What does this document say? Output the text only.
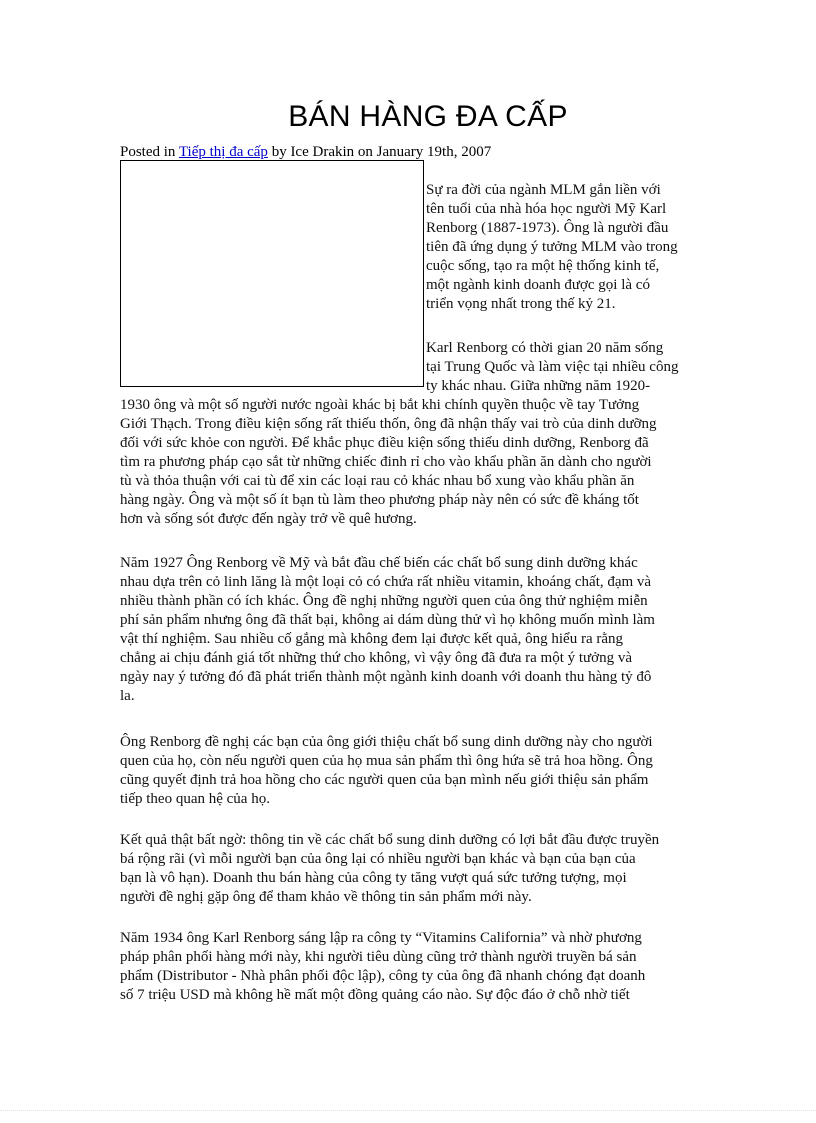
BÁN HÀNG ĐA CẤP
Posted in Tiếp thị đa cấp by Ice Drakin on January 19th, 2007
Sự ra đời của ngành MLM gắn liền với
tên tuổi của nhà hóa học người Mỹ Karl
Renborg (1887-1973). Ông là người đầu
tiên đã ứng dụng ý tưởng MLM vào trong
cuộc sống, tạo ra một hệ thống kinh tế,
một ngành kinh doanh được gọi là có
triển vọng nhất trong thế kỷ 21.
Karl Renborg có thời gian 20 năm sống
tại Trung Quốc và làm việc tại nhiều công
ty khác nhau. Giữa những năm 1920-
1930 ông và một số người nước ngoài khác bị bắt khi chính quyền thuộc về tay Tưởng
Giới Thạch. Trong điều kiện sống rất thiếu thốn, ông đã nhận thấy vai trò của dinh dưỡng
đối với sức khỏe con người. Để khắc phục điều kiện sống thiếu dinh dưỡng, Renborg đã
tìm ra phương pháp cạo sắt từ những chiếc đinh rỉ cho vào khẩu phần ăn dành cho người
tù và thỏa thuận với cai tù để xin các loại rau cỏ khác nhau bổ xung vào khẩu phần ăn
hàng ngày. Ông và một số ít bạn tù làm theo phương pháp này nên có sức đề kháng tốt
hơn và sống sót được đến ngày trở về quê hương.
Năm 1927 Ông Renborg về Mỹ và bắt đầu chế biến các chất bổ sung dinh dưỡng khác
nhau dựa trên cỏ linh lăng là một loại cỏ có chứa rất nhiều vitamin, khoáng chất, đạm và
nhiều thành phần có ích khác. Ông đề nghị những người quen của ông thử nghiệm miễn
phí sản phẩm nhưng ông đã thất bại, không ai dám dùng thử vì họ không muốn mình làm
vật thí nghiệm. Sau nhiều cố gắng mà không đem lại được kết quả, ông hiểu ra rằng
chẳng ai chịu đánh giá tốt những thứ cho không, vì vậy ông đã đưa ra một ý tưởng và
ngày nay ý tưởng đó đã phát triển thành một ngành kinh doanh với doanh thu hàng tỷ đô
la.
Ông Renborg đề nghị các bạn của ông giới thiệu chất bổ sung dinh dưỡng này cho người
quen của họ, còn nếu người quen của họ mua sản phẩm thì ông hứa sẽ trả hoa hồng. Ông
cũng quyết định trả hoa hồng cho các người quen của bạn mình nếu giới thiệu sản phẩm
tiếp theo quan hệ của họ.
Kết quả thật bất ngờ: thông tin về các chất bổ sung dinh dưỡng có lợi bắt đầu được truyền
bá rộng rãi (vì mỗi người bạn của ông lại có nhiều người bạn khác và bạn của bạn của
bạn là vô hạn). Doanh thu bán hàng của công ty tăng vượt quá sức tưởng tượng, mọi
người đề nghị gặp ông để tham khảo về thông tin sản phẩm mới này.
Năm 1934 ông Karl Renborg sáng lập ra công ty “Vitamins California” và nhờ phương
pháp phân phối hàng mới này, khi người tiêu dùng cũng trở thành người truyền bá sản
phẩm (Distributor - Nhà phân phối độc lập), công ty của ông đã nhanh chóng đạt doanh
số 7 triệu USD mà không hề mất một đồng quảng cáo nào. Sự độc đáo ở chỗ nhờ tiết
